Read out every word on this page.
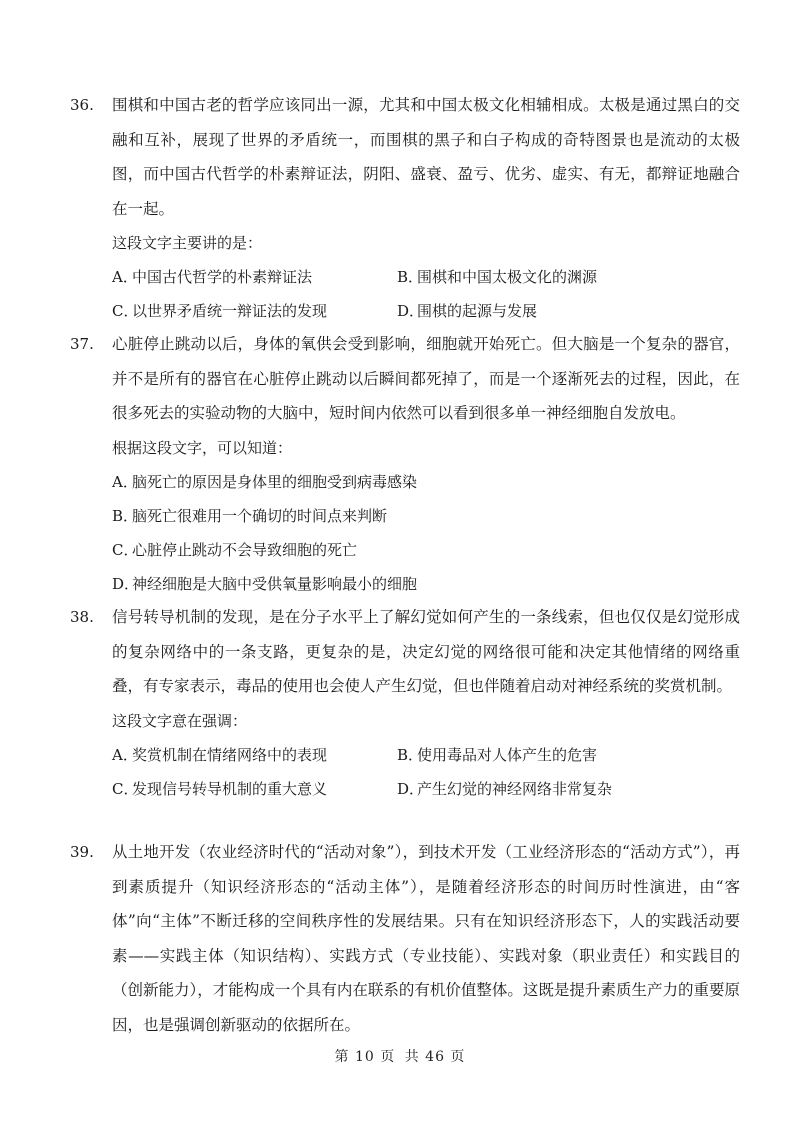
36.	围棋和中国古老的哲学应该同出一源，尤其和中国太极文化相辅相成。太极是通过黑白的交融和互补，展现了世界的矛盾统一，而围棋的黑子和白子构成的奇特图景也是流动的太极图，而中国古代哲学的朴素辩证法，阴阳、盛衰、盈亏、优劣、虚实、有无，都辩证地融合在一起。

这段文字主要讲的是：

A．中国古代哲学的朴素辩证法	B．围棋和中国太极文化的渊源
C．以世界矛盾统一辩证法的发现	D．围棋的起源与发展
37.	心脏停止跳动以后，身体的氧供会受到影响，细胞就开始死亡。但大脑是一个复杂的器官，并不是所有的器官在心脏停止跳动以后瞬间都死掉了，而是一个逐渐死去的过程，因此，在很多死去的实验动物的大脑中，短时间内依然可以看到很多单一神经细胞自发放电。

根据这段文字，可以知道：

A．脑死亡的原因是身体里的细胞受到病毒感染
B．脑死亡很难用一个确切的时间点来判断
C．心脏停止跳动不会导致细胞的死亡
D．神经细胞是大脑中受供氧量影响最小的细胞
38.	信号转导机制的发现，是在分子水平上了解幻觉如何产生的一条线索，但也仅仅是幻觉形成的复杂网络中的一条支路，更复杂的是，决定幻觉的网络很可能和决定其他情绪的网络重叠，有专家表示，毒品的使用也会使人产生幻觉，但也伴随着启动对神经系统的奖赏机制。

这段文字意在强调：

A．奖赏机制在情绪网络中的表现	B．使用毒品对人体产生的危害
C．发现信号转导机制的重大意义	D．产生幻觉的神经网络非常复杂
39.	从土地开发（农业经济时代的“活动对象”），到技术开发（工业经济形态的“活动方式”），再到素质提升（知识经济形态的“活动主体”），是随着经济形态的时间历时性演进，由“客体”向“主体”不断迁移的空间秩序性的发展结果。只有在知识经济形态下，人的实践活动要素——实践主体（知识结构）、实践方式（专业技能）、实践对象（职业责任）和实践目的（创新能力），才能构成一个具有内在联系的有机价值整体。这既是提升素质生产力的重要原因，也是强调创新驱动的依据所在。

第 10 页 共 46 页
